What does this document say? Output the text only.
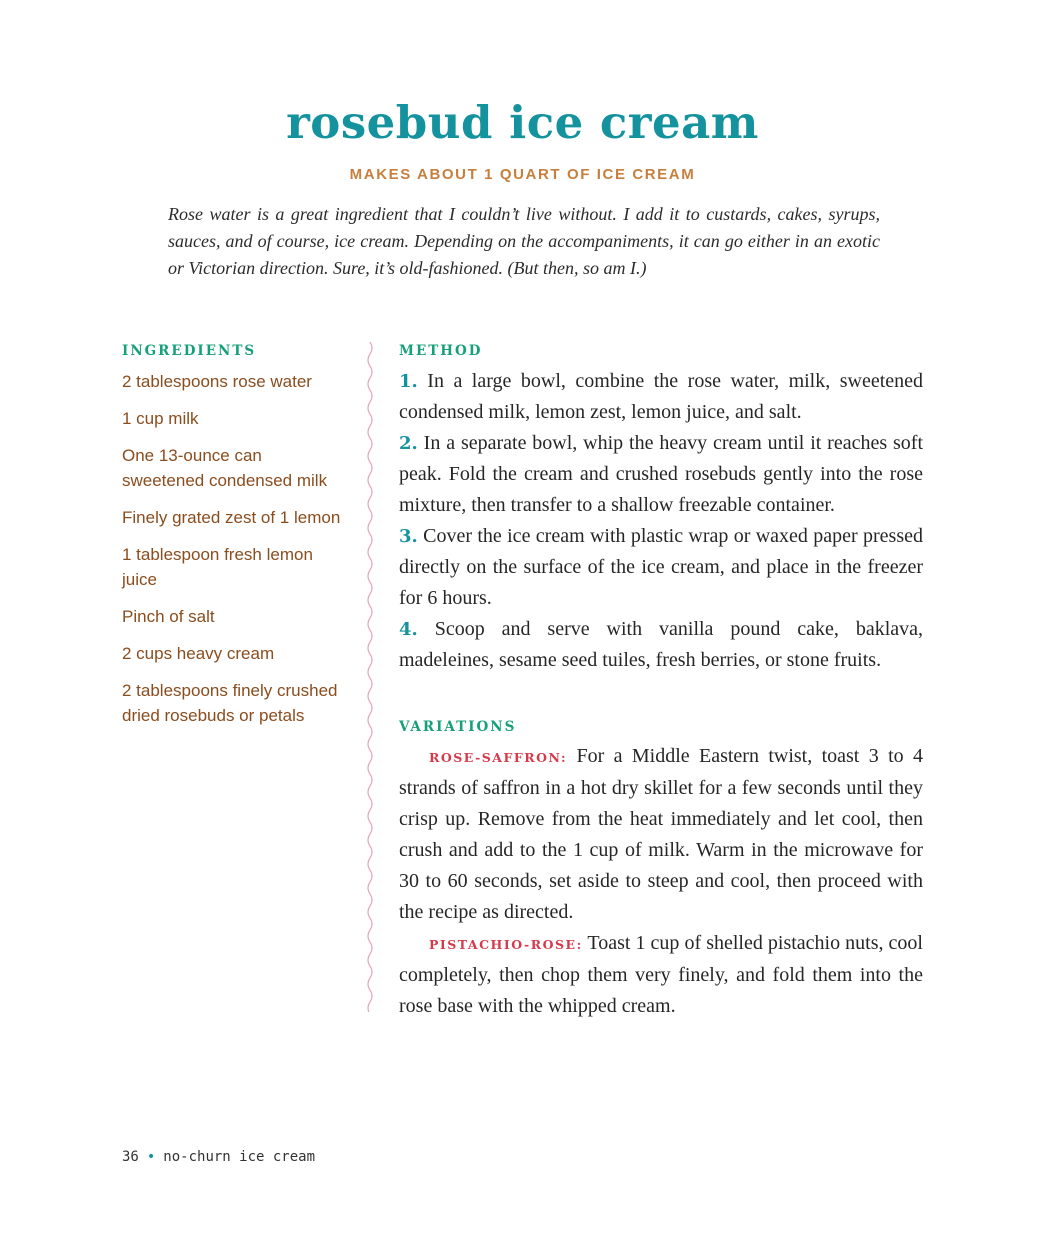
rosebud ice cream
MAKES ABOUT 1 QUART OF ICE CREAM

Rose water is a great ingredient that I couldn’t live without. I add it to custards, cakes, syrups, sauces, and of course, ice cream. Depending on the accompaniments, it can go either in an exotic or Victorian direction. Sure, it’s old-fashioned. (But then, so am I.)

INGREDIENTS
2 tablespoons rose water
1 cup milk
One 13-ounce can sweetened condensed milk
Finely grated zest of 1 lemon
1 tablespoon fresh lemon juice
Pinch of salt
2 cups heavy cream
2 tablespoons finely crushed dried rosebuds or petals
METHOD
1. In a large bowl, combine the rose water, milk, sweetened condensed milk, lemon zest, lemon juice, and salt.
2. In a separate bowl, whip the heavy cream until it reaches soft peak. Fold the cream and crushed rosebuds gently into the rose mixture, then transfer to a shallow freezable container.
3. Cover the ice cream with plastic wrap or waxed paper pressed directly on the surface of the ice cream, and place in the freezer for 6 hours.
4. Scoop and serve with vanilla pound cake, baklava, madeleines, sesame seed tuiles, fresh berries, or stone fruits.
VARIATIONS

ROSE-SAFFRON: For a Middle Eastern twist, toast 3 to 4 strands of saffron in a hot dry skillet for a few seconds until they crisp up. Remove from the heat immediately and let cool, then crush and add to the 1 cup of milk. Warm in the microwave for 30 to 60 seconds, set aside to steep and cool, then proceed with the recipe as directed.

PISTACHIO-ROSE: Toast 1 cup of shelled pistachio nuts, cool completely, then chop them very finely, and fold them into the rose base with the whipped cream.

36 • no-churn ice cream
